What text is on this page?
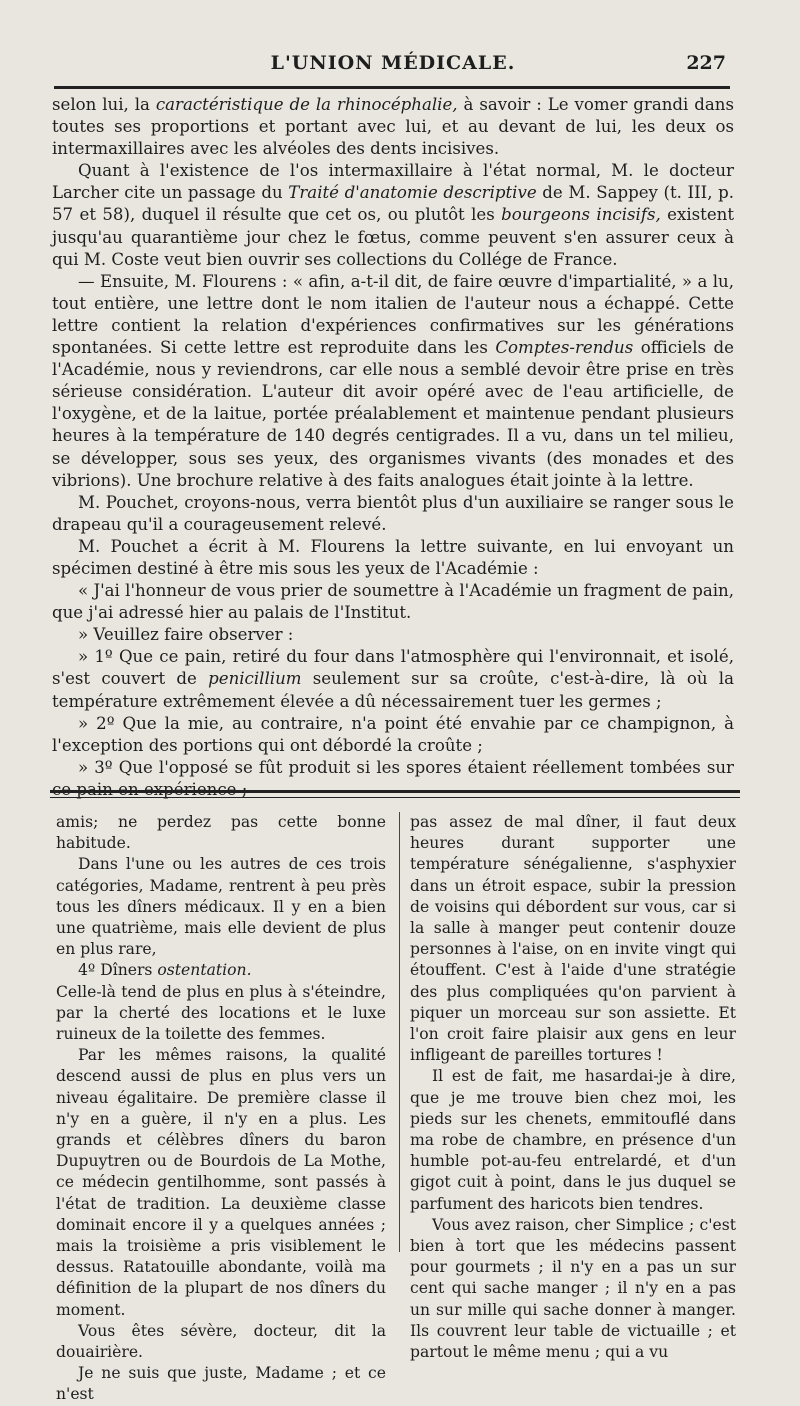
L'UNION MÉDICALE.	227

selon lui, la caractéristique de la rhinocéphalie, à savoir : Le vomer grandi dans toutes ses proportions et portant avec lui, et au devant de lui, les deux os intermaxillaires avec les alvéoles des dents incisives.

Quant à l'existence de l'os intermaxillaire à l'état normal, M. le docteur Larcher cite un passage du Traité d'anatomie descriptive de M. Sappey (t. III, p. 57 et 58), duquel il résulte que cet os, ou plutôt les bourgeons incisifs, existent jusqu'au quarantième jour chez le fœtus, comme peuvent s'en assurer ceux à qui M. Coste veut bien ouvrir ses collections du Collége de France.

— Ensuite, M. Flourens : « afin, a-t-il dit, de faire œuvre d'impartialité, » a lu, tout entière, une lettre dont le nom italien de l'auteur nous a échappé. Cette lettre contient la relation d'expériences confirmatives sur les générations spontanées. Si cette lettre est reproduite dans les Comptes-rendus officiels de l'Académie, nous y reviendrons, car elle nous a semblé devoir être prise en très sérieuse considération. L'auteur dit avoir opéré avec de l'eau artificielle, de l'oxygène, et de la laitue, portée préalablement et maintenue pendant plusieurs heures à la température de 140 degrés centigrades. Il a vu, dans un tel milieu, se développer, sous ses yeux, des organismes vivants (des monades et des vibrions). Une brochure relative à des faits analogues était jointe à la lettre.

M. Pouchet, croyons-nous, verra bientôt plus d'un auxiliaire se ranger sous le drapeau qu'il a courageusement relevé.

M. Pouchet a écrit à M. Flourens la lettre suivante, en lui envoyant un spécimen destiné à être mis sous les yeux de l'Académie :

« J'ai l'honneur de vous prier de soumettre à l'Académie un fragment de pain, que j'ai adressé hier au palais de l'Institut.

» Veuillez faire observer :

» 1º Que ce pain, retiré du four dans l'atmosphère qui l'environnait, et isolé, s'est couvert de penicillium seulement sur sa croûte, c'est-à-dire, là où la température extrêmement élevée a dû nécessairement tuer les germes ;

» 2º Que la mie, au contraire, n'a point été envahie par ce champignon, à l'exception des portions qui ont débordé la croûte ;

» 3º Que l'opposé se fût produit si les spores étaient réellement tombées sur ce pain en expérience ;

amis; ne perdez pas cette bonne habitude.

Dans l'une ou les autres de ces trois catégories, Madame, rentrent à peu près tous les dîners médicaux. Il y en a bien une quatrième, mais elle devient de plus en plus rare,

4º Dîners ostentation.

Celle-là tend de plus en plus à s'éteindre, par la cherté des locations et le luxe ruineux de la toilette des femmes.

Par les mêmes raisons, la qualité descend aussi de plus en plus vers un niveau égalitaire. De première classe il n'y en a guère, il n'y en a plus. Les grands et célèbres dîners du baron Dupuytren ou de Bourdois de La Mothe, ce médecin gentilhomme, sont passés à l'état de tradition. La deuxième classe dominait encore il y a quelques années ; mais la troisième a pris visiblement le dessus. Ratatouille abondante, voilà ma définition de la plupart de nos dîners du moment.

Vous êtes sévère, docteur, dit la douairière.

Je ne suis que juste, Madame ; et ce n'est

pas assez de mal dîner, il faut deux heures durant supporter une température sénégalienne, s'asphyxier dans un étroit espace, subir la pression de voisins qui débordent sur vous, car si la salle à manger peut contenir douze personnes à l'aise, on en invite vingt qui étouffent. C'est à l'aide d'une stratégie des plus compliquées qu'on parvient à piquer un morceau sur son assiette. Et l'on croit faire plaisir aux gens en leur infligeant de pareilles tortures !

Il est de fait, me hasardai-je à dire, que je me trouve bien chez moi, les pieds sur les chenets, emmitouflé dans ma robe de chambre, en présence d'un humble pot-au-feu entrelardé, et d'un gigot cuit à point, dans le jus duquel se parfument des haricots bien tendres.

Vous avez raison, cher Simplice ; c'est bien à tort que les médecins passent pour gourmets ; il n'y en a pas un sur cent qui sache manger ; il n'y en a pas un sur mille qui sache donner à manger. Ils couvrent leur table de victuaille ; et partout le même menu ; qui a vu
